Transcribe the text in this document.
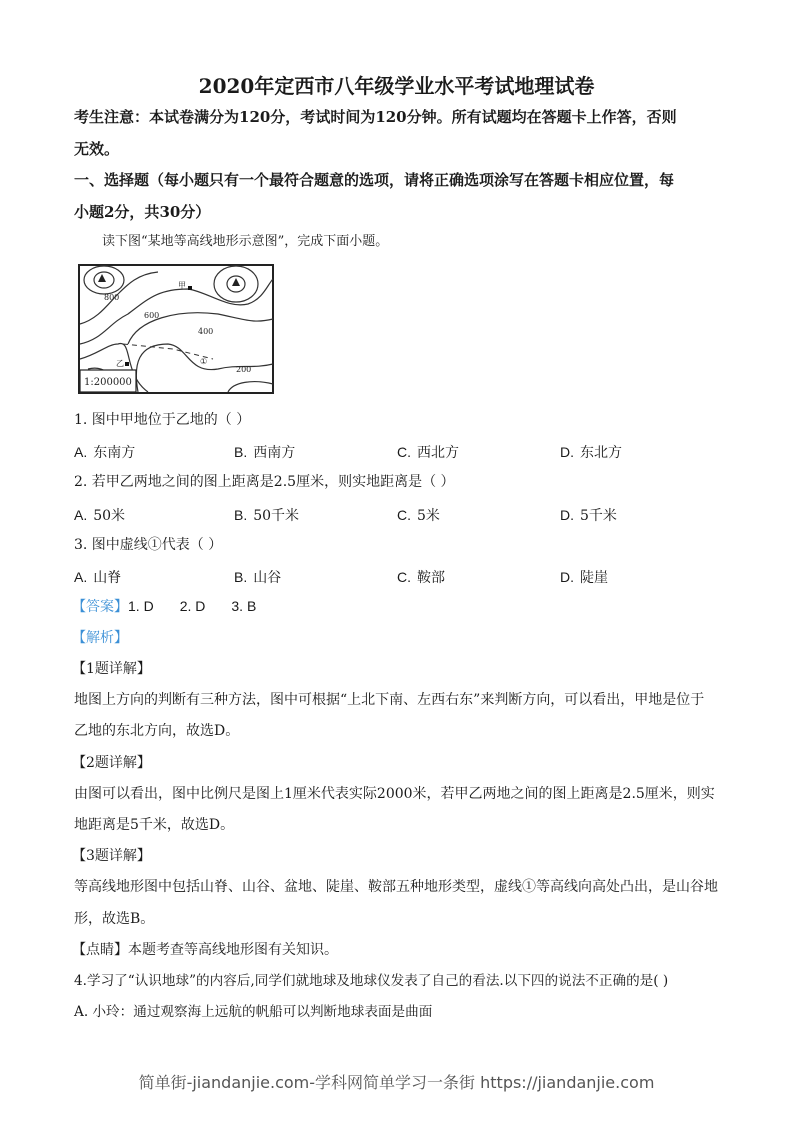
2020年定西市八年级学业水平考试地理试卷
考生注意：本试卷满分为120分，考试时间为120分钟。所有试题均在答题卡上作答，否则
无效。
一、选择题（每小题只有一个最符合题意的选项，请将正确选项涂写在答题卡相应位置，每
小题2分，共30分）
读下图“某地等高线地形示意图”，完成下面小题。
800
600
400
200
甲
乙	①
1:200000
1. 图中甲地位于乙地的（ ）
A. 东南方	B. 西南方	C. 西北方	D. 东北方
2. 若甲乙两地之间的图上距离是2.5厘米，则实地距离是（ ）
A. 50米	B. 50千米	C. 5米	D. 5千米
3. 图中虚线①代表（ ）
A. 山脊	B. 山谷	C. 鞍部	D. 陡崖
【答案】1. D 2. D 3. B
【解析】
【1题详解】
地图上方向的判断有三种方法，图中可根据“上北下南、左西右东”来判断方向，可以看出，甲地是位于
乙地的东北方向，故选D。
【2题详解】
由图可以看出，图中比例尺是图上1厘米代表实际2000米，若甲乙两地之间的图上距离是2.5厘米，则实
地距离是5千米，故选D。
【3题详解】
等高线地形图中包括山脊、山谷、盆地、陡崖、鞍部五种地形类型，虚线①等高线向高处凸出，是山谷地
形，故选B。
【点睛】本题考查等高线地形图有关知识。
4.学习了“认识地球”的内容后,同学们就地球及地球仪发表了自己的看法.以下四的说法不正确的是( )
A. 小玲：通过观察海上远航的帆船可以判断地球表面是曲面
简单街-jiandanjie.com-学科网简单学习一条街 https://jiandanjie.com
